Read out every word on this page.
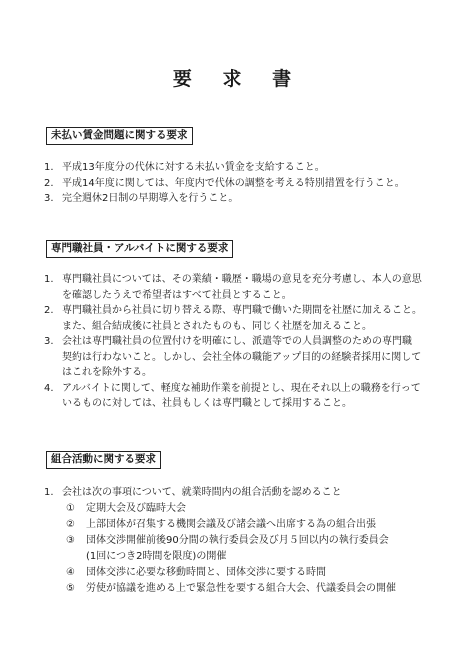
要 求 書
未払い賃金問題に関する要求
1. 平成13年度分の代休に対する未払い賃金を支給すること。
2. 平成14年度に関しては、年度内で代休の調整を考える特別措置を行うこと。
3. 完全週休2日制の早期導入を行うこと。
専門職社員・アルバイトに関する要求
1. 専門職社員については、その業績・職歴・職場の意見を充分考慮し、本人の意思
を確認したうえで希望者はすべて社員とすること。
2. 専門職社員から社員に切り替える際、専門職で働いた期間を社歴に加えること。
また、組合結成後に社員とされたものも、同じく社歴を加えること。
3. 会社は専門職社員の位置付けを明確にし、派遣等での人員調整のための専門職
契約は行わないこと。しかし、会社全体の職能アップ目的の経験者採用に関して
はこれを除外する。
4. アルバイトに関して、軽度な補助作業を前提とし、現在それ以上の職務を行って
いるものに対しては、社員もしくは専門職として採用すること。
組合活動に関する要求
1. 会社は次の事項について、就業時間内の組合活動を認めること
①	定期大会及び臨時大会
②	上部団体が召集する機関会議及び諸会議へ出席する為の組合出張
③	団体交渉開催前後90分間の執行委員会及び月５回以内の執行委員会
(1回につき2時間を限度)の開催
④	団体交渉に必要な移動時間と、団体交渉に要する時間
⑤	労使が協議を進める上で緊急性を要する組合大会、代議委員会の開催
